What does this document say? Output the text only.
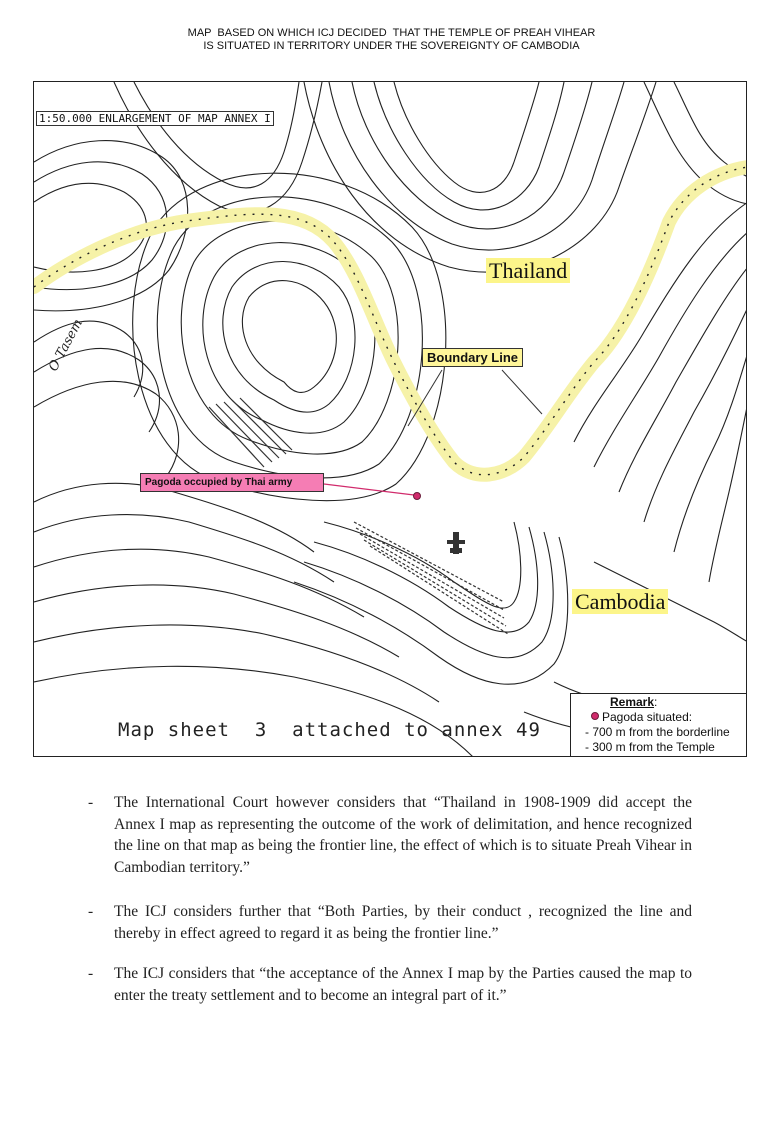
MAP  BASED ON WHICH ICJ DECIDED  THAT THE TEMPLE OF PREAH VIHEAR
IS SITUATED IN TERRITORY UNDER THE SOVEREIGNTY OF CAMBODIA
1:50.000 ENLARGEMENT OF MAP ANNEX I
O Tasem
Thailand
Cambodia
Boundary Line
Pagoda occupied by Thai army
Map sheet  3  attached to annex 49
Remark:
Pagoda situated:
- 700 m from the borderline
- 300 m from the Temple
- The International Court however considers that “Thailand in 1908-1909 did accept the Annex I map as representing the outcome of the work of delimitation, and hence recognized the line on that map as being the frontier line, the effect of which is to situate Preah Vihear in Cambodian territory.”
- The ICJ considers further that “Both Parties, by their conduct , recognized the line and thereby in effect agreed to regard it as being the frontier line.”
- The ICJ considers that “the acceptance of the Annex I map by the Parties caused the map to enter the treaty settlement and to become an integral part of it.”
